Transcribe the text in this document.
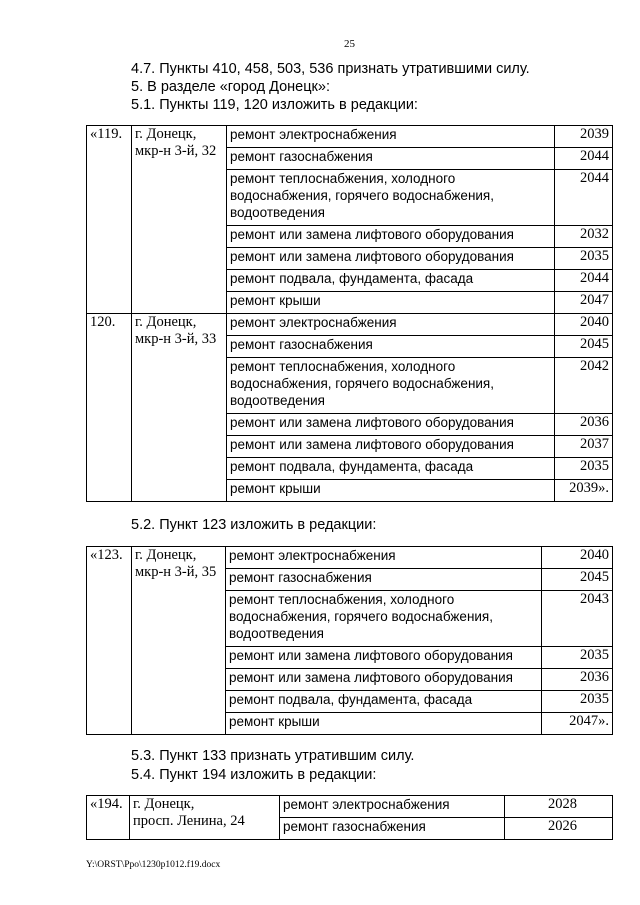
25
4.7. Пункты 410, 458, 503, 536 признать утратившими силу.
5. В разделе «город Донецк»:
5.1. Пункты 119, 120 изложить в редакции:
«119.	г. Донецк,
мкр-н 3-й, 32	ремонт электроснабжения	2039
		ремонт газоснабжения	2044

		ремонт теплоснабжения, холодного
водоснабжения, горячего водоснабжения,
водоотведения	2044
		ремонт или замена лифтового оборудования	2032
		ремонт или замена лифтового оборудования	2035
		ремонт подвала, фундамента, фасада	2044
		ремонт крыши	2047
120.	г. Донецк,
мкр-н 3-й, 33	ремонт электроснабжения	2040
		ремонт газоснабжения	2045

		ремонт теплоснабжения, холодного
водоснабжения, горячего водоснабжения,
водоотведения	2042
		ремонт или замена лифтового оборудования	2036
		ремонт или замена лифтового оборудования	2037
		ремонт подвала, фундамента, фасада	2035
		ремонт крыши	2039».
5.2. Пункт 123 изложить в редакции:
«123.	г. Донецк,
мкр-н 3-й, 35	ремонт электроснабжения	2040
		ремонт газоснабжения	2045

		ремонт теплоснабжения, холодного
водоснабжения, горячего водоснабжения,
водоотведения	2043
		ремонт или замена лифтового оборудования	2035
		ремонт или замена лифтового оборудования	2036
		ремонт подвала, фундамента, фасада	2035
		ремонт крыши	2047».
5.3. Пункт 133 признать утратившим силу.
5.4. Пункт 194 изложить в редакции:
«194.	г. Донецк,
просп. Ленина, 24	ремонт электроснабжения	2028
		ремонт газоснабжения	2026
Y:\ORST\Ppo\1230p1012.f19.docx
